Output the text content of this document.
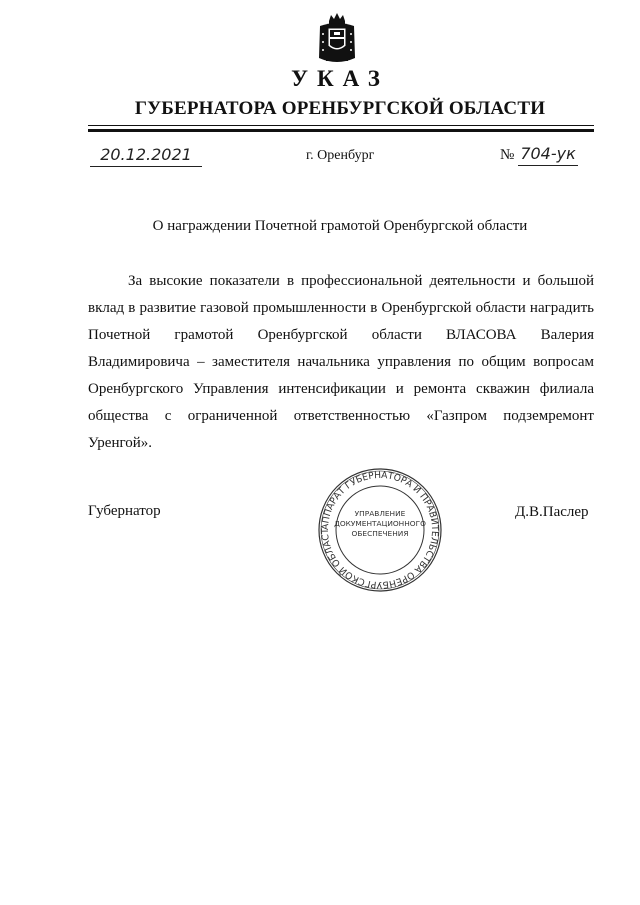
УКАЗ
ГУБЕРНАТОРА ОРЕНБУРГСКОЙ ОБЛАСТИ
20.12.2021	г. Оренбург	№ 704-ук
О награждении Почетной грамотой Оренбургской области

За высокие показатели в профессиональной деятельности и большой вклад в развитие газовой промышленности в Оренбургской области наградить Почетной грамотой Оренбургской области ВЛАСОВА Валерия Владимировича – заместителя начальника управления по общим вопросам Оренбургского Управления интенсификации и ремонта скважин филиала общества с ограниченной ответственностью «Газпром подземремонт Уренгой».

Губернатор
АППАРАТ ГУБЕРНАТОРА И ПРАВИТЕЛЬСТВА ОРЕНБУРГСКОЙ ОБЛАСТ
УПРАВЛЕНИЕ
ДОКУМЕНТАЦИОННОГО
ОБЕСПЕЧЕНИЯ
Д.В.Паслер
